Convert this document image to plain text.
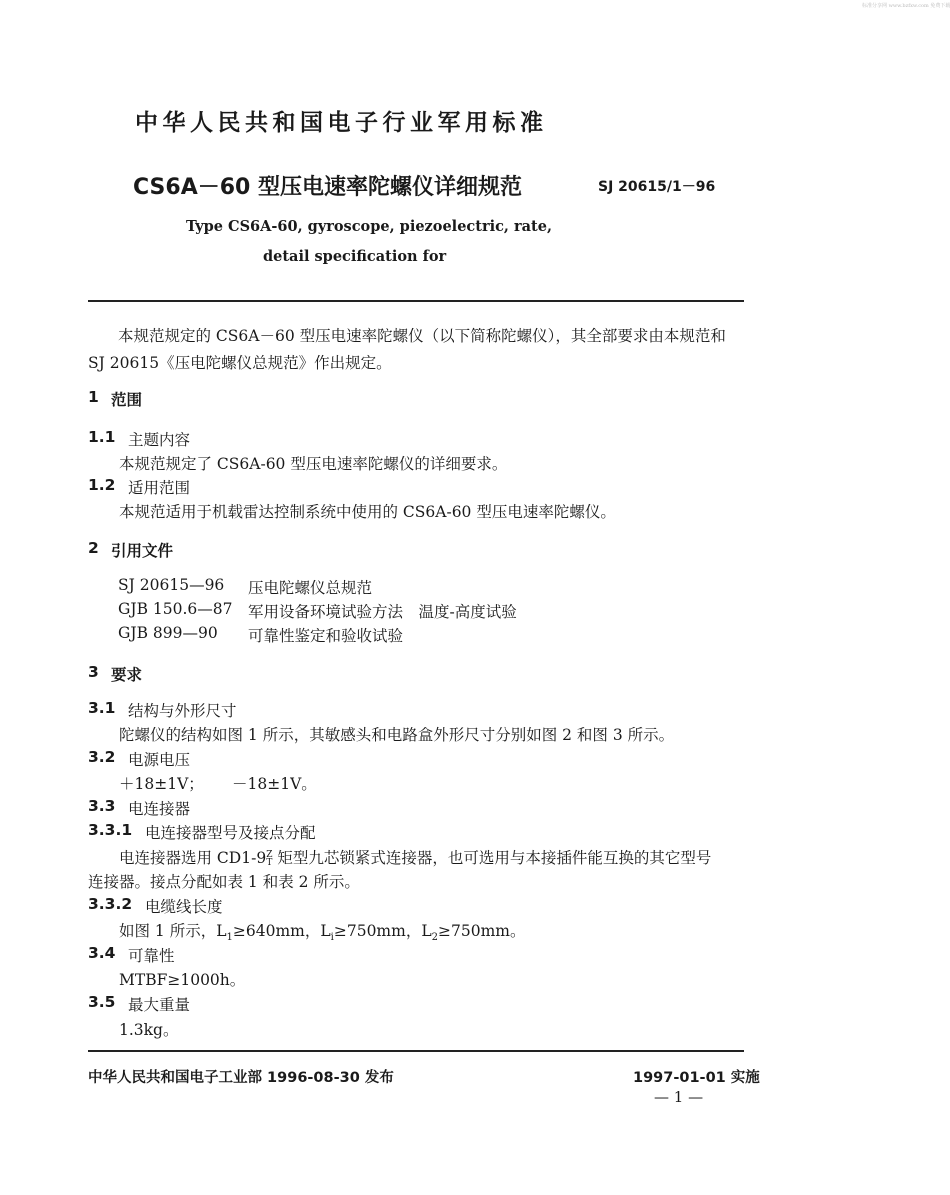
标准分享网 www.bzfxw.com 免费下载
中华人民共和国电子行业军用标准
CS6A－60 型压电速率陀螺仪详细规范	SJ 20615/1－96
Type CS6A-60, gyroscope, piezoelectric, rate,
detail specification for
本规范规定的 CS6A－60 型压电速率陀螺仪（以下简称陀螺仪），其全部要求由本规范和
SJ 20615《压电陀螺仪总规范》作出规定。
1 范围
1.1 主题内容
本规范规定了 CS6A-60 型压电速率陀螺仪的详细要求。
1.2 适用范围
本规范适用于机载雷达控制系统中使用的 CS6A-60 型压电速率陀螺仪。
2 引用文件
SJ 20615—96 压电陀螺仪总规范
GJB 150.6—87 军用设备环境试验方法　温度-高度试验
GJB 899—90 可靠性鉴定和验收试验
3 要求
3.1 结构与外形尺寸
陀螺仪的结构如图 1 所示，其敏感头和电路盒外形尺寸分别如图 2 和图 3 所示。
3.2 电源电压
＋18±1V； －18±1V。
3.3 电连接器
3.3.1 电连接器型号及接点分配
电连接器选用 CD1-9 Z
T 矩型九芯锁紧式连接器，也可选用与本接插件能互换的其它型号
连接器。接点分配如表 1 和表 2 所示。
3.3.2 电缆线长度
如图 1 所示，$L_1\ge 640mm$，$L_i\ge 750mm$，$L_2\ge 750mm$。
3.4 可靠性
MTBF≥1000h。
3.5 最大重量
1.3kg。
中华人民共和国电子工业部 1996-08-30 发布	1997-01-01 实施
— 1 —
